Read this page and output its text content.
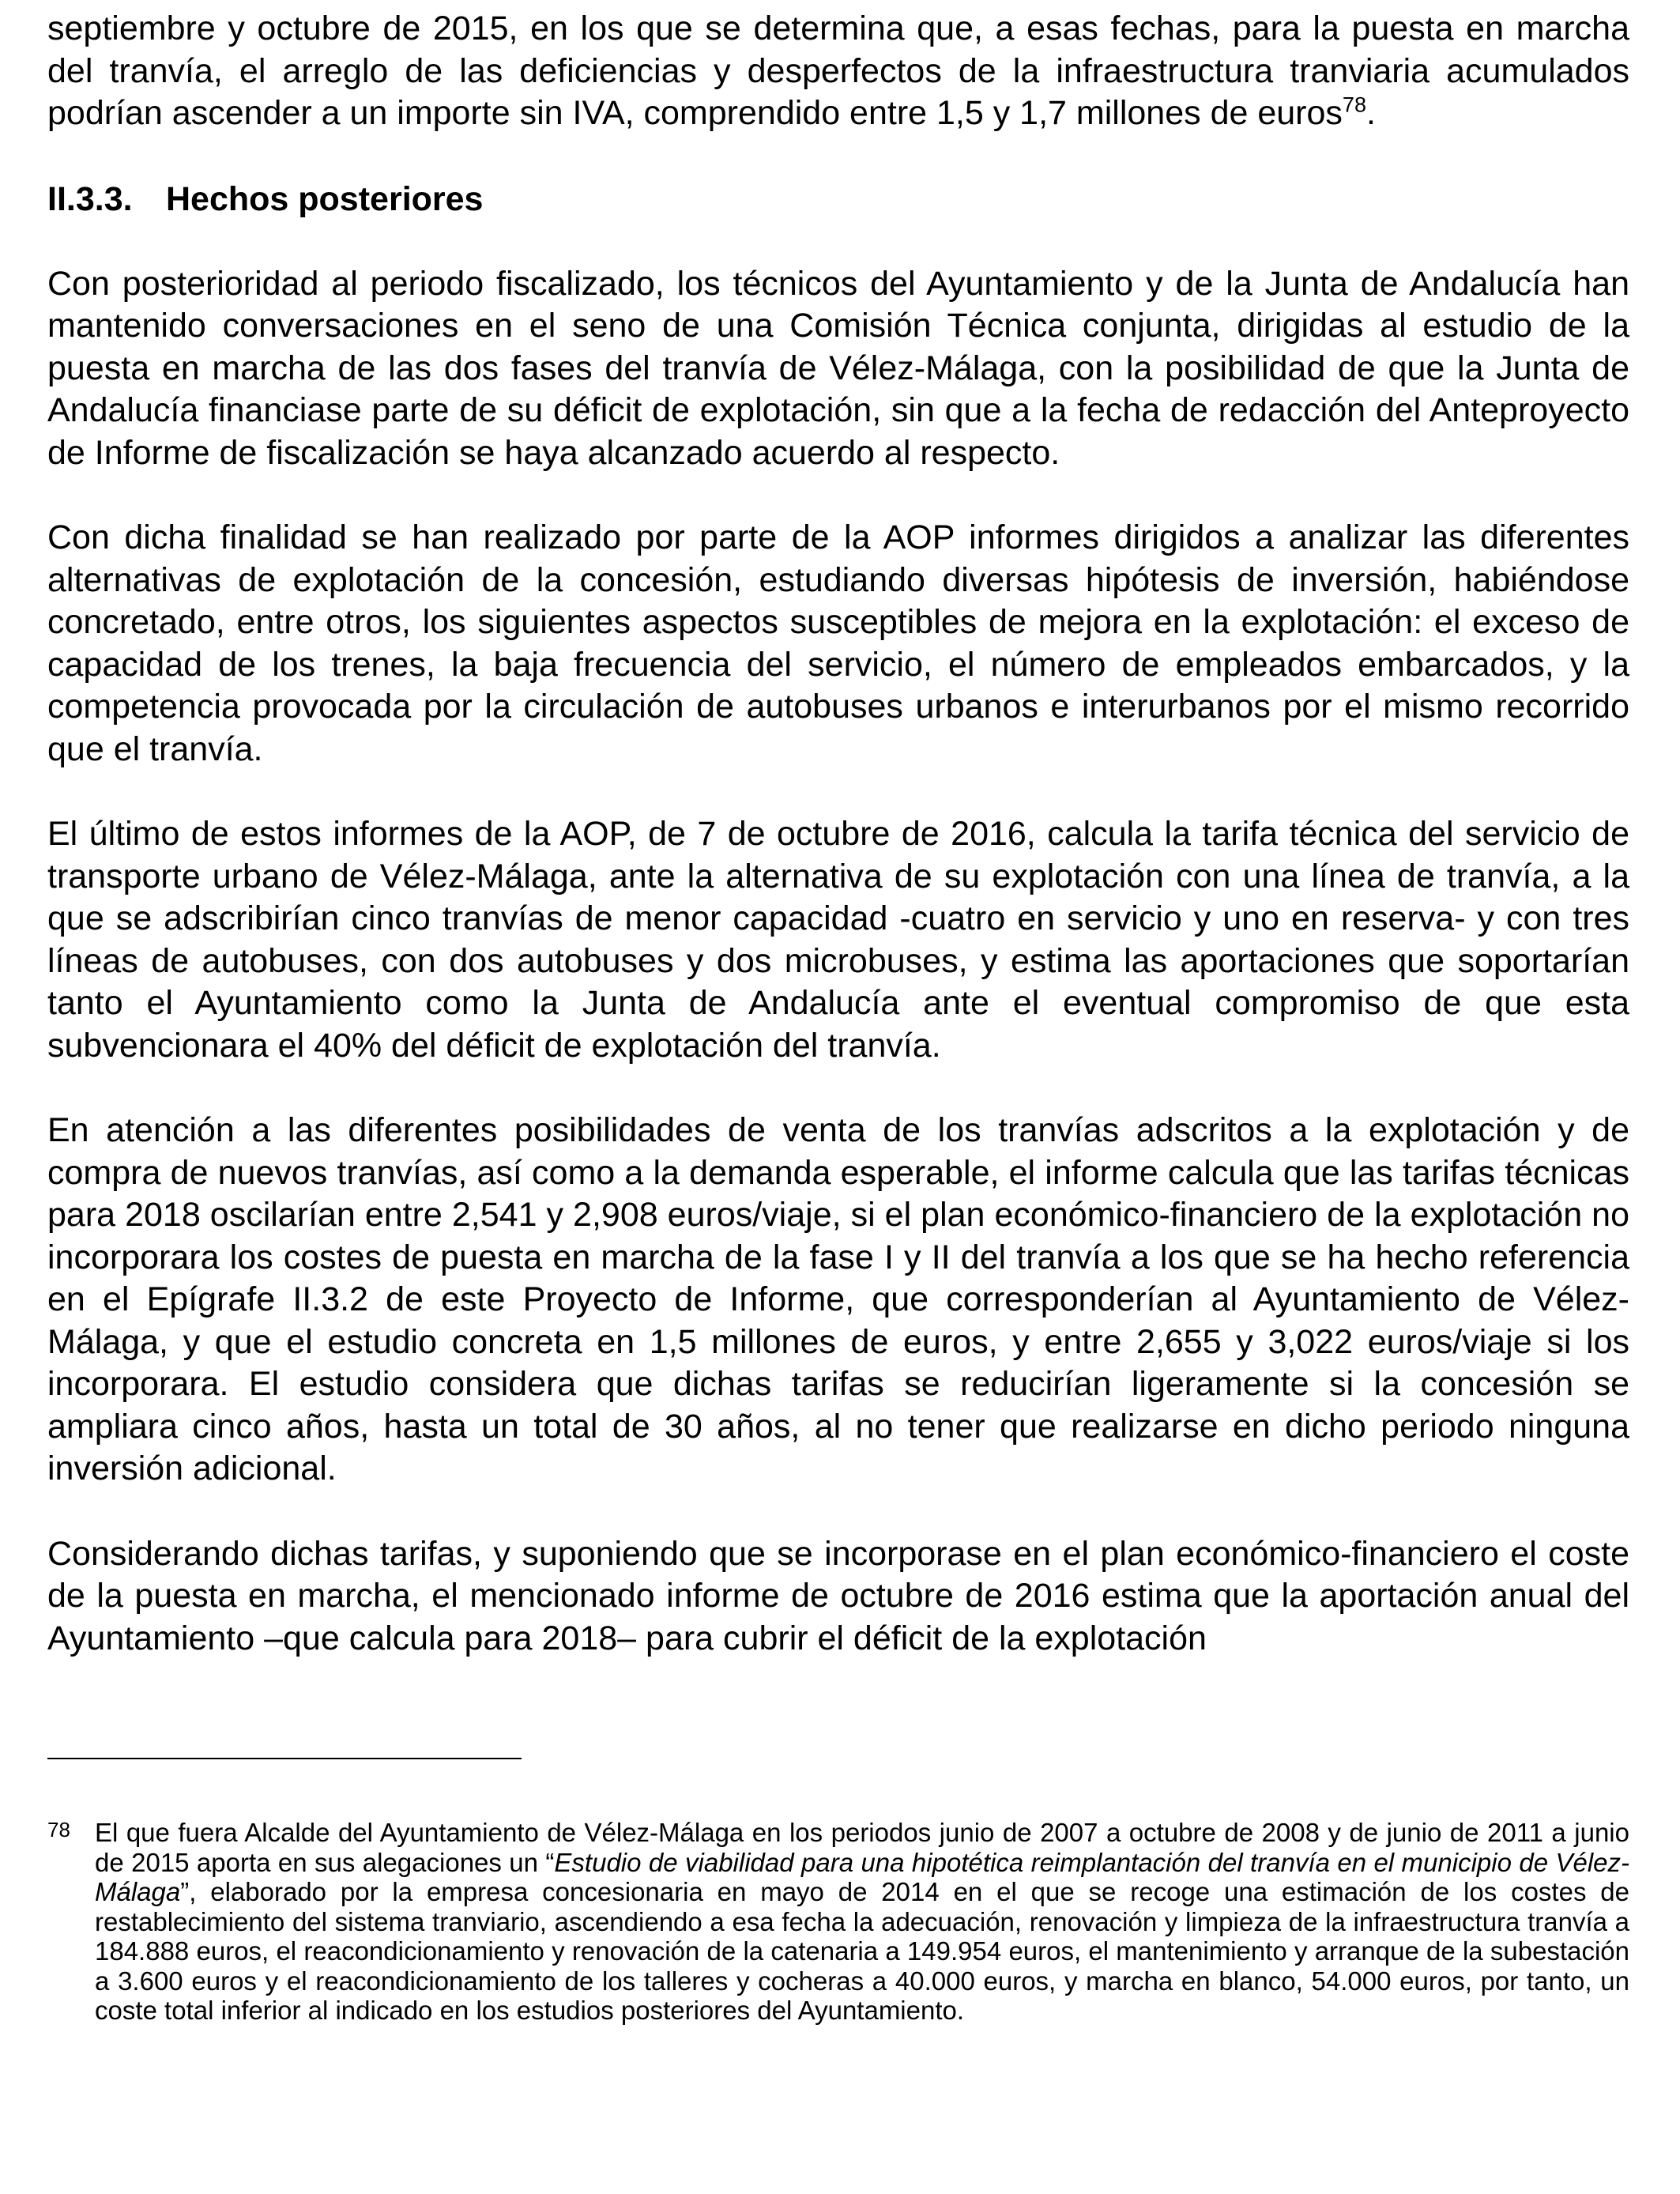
septiembre y octubre de 2015, en los que se determina que, a esas fechas, para la puesta en marcha del tranvía, el arreglo de las deficiencias y desperfectos de la infraestructura tranviaria acumulados podrían ascender a un importe sin IVA, comprendido entre 1,5 y 1,7 millones de euros$^{78}$.

II.3.3. Hechos posteriores

Con posterioridad al periodo fiscalizado, los técnicos del Ayuntamiento y de la Junta de Andalucía han mantenido conversaciones en el seno de una Comisión Técnica conjunta, dirigidas al estudio de la puesta en marcha de las dos fases del tranvía de Vélez-Málaga, con la posibilidad de que la Junta de Andalucía financiase parte de su déficit de explotación, sin que a la fecha de redacción del Anteproyecto de Informe de fiscalización se haya alcanzado acuerdo al respecto.

Con dicha finalidad se han realizado por parte de la AOP informes dirigidos a analizar las diferentes alternativas de explotación de la concesión, estudiando diversas hipótesis de inversión, habiéndose concretado, entre otros, los siguientes aspectos susceptibles de mejora en la explotación: el exceso de capacidad de los trenes, la baja frecuencia del servicio, el número de empleados embarcados, y la competencia provocada por la circulación de autobuses urbanos e interurbanos por el mismo recorrido que el tranvía.

El último de estos informes de la AOP, de 7 de octubre de 2016, calcula la tarifa técnica del servicio de transporte urbano de Vélez-Málaga, ante la alternativa de su explotación con una línea de tranvía, a la que se adscribirían cinco tranvías de menor capacidad -cuatro en servicio y uno en reserva- y con tres líneas de autobuses, con dos autobuses y dos microbuses, y estima las aportaciones que soportarían tanto el Ayuntamiento como la Junta de Andalucía ante el eventual compromiso de que esta subvencionara el 40% del déficit de explotación del tranvía.

En atención a las diferentes posibilidades de venta de los tranvías adscritos a la explotación y de compra de nuevos tranvías, así como a la demanda esperable, el informe calcula que las tarifas técnicas para 2018 oscilarían entre 2,541 y 2,908 euros/viaje, si el plan económico-financiero de la explotación no incorporara los costes de puesta en marcha de la fase I y II del tranvía a los que se ha hecho referencia en el Epígrafe II.3.2 de este Proyecto de Informe, que corresponderían al Ayuntamiento de Vélez-Málaga, y que el estudio concreta en 1,5 millones de euros, y entre 2,655 y 3,022 euros/viaje si los incorporara. El estudio considera que dichas tarifas se reducirían ligeramente si la concesión se ampliara cinco años, hasta un total de 30 años, al no tener que realizarse en dicho periodo ninguna inversión adicional.

Considerando dichas tarifas, y suponiendo que se incorporase en el plan económico-financiero el coste de la puesta en marcha, el mencionado informe de octubre de 2016 estima que la aportación anual del Ayuntamiento –que calcula para 2018– para cubrir el déficit de la explotación

78 El que fuera Alcalde del Ayuntamiento de Vélez-Málaga en los periodos junio de 2007 a octubre de 2008 y de junio de 2011 a junio de 2015 aporta en sus alegaciones un “Estudio de viabilidad para una hipotética reimplantación del tranvía en el municipio de Vélez-Málaga”, elaborado por la empresa concesionaria en mayo de 2014 en el que se recoge una estimación de los costes de restablecimiento del sistema tranviario, ascendiendo a esa fecha la adecuación, renovación y limpieza de la infraestructura tranvía a 184.888 euros, el reacondicionamiento y renovación de la catenaria a 149.954 euros, el mantenimiento y arranque de la subestación a 3.600 euros y el reacondicionamiento de los talleres y cocheras a 40.000 euros, y marcha en blanco, 54.000 euros, por tanto, un coste total inferior al indicado en los estudios posteriores del Ayuntamiento.
